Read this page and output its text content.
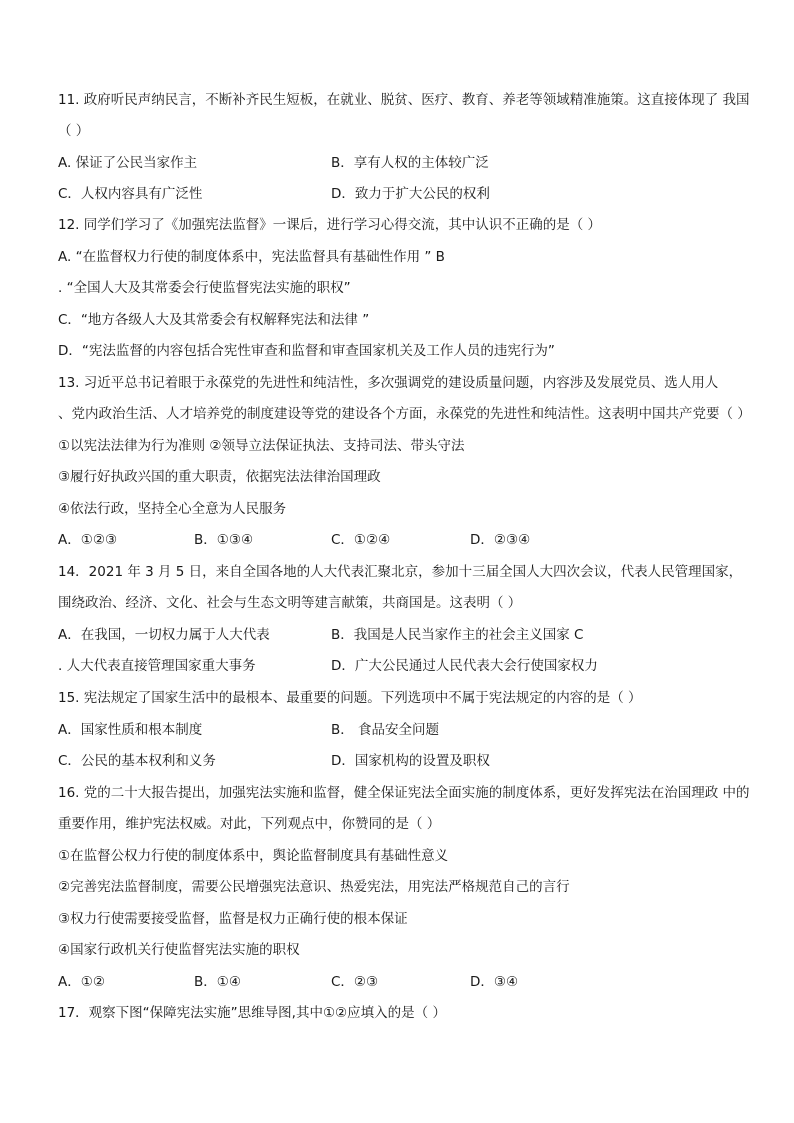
11. 政府听民声纳民言，不断补齐民生短板，在就业、脱贫、医疗、教育、养老等领域精准施策。这直接体现了 我国
（ ）
A. 保证了公民当家作主	B．享有人权的主体较广泛
C．人权内容具有广泛性	D．致力于扩大公民的权利
12. 同学们学习了《加强宪法监督》一课后，进行学习心得交流，其中认识不正确的是（ ）
A. “在监督权力行使的制度体系中，宪法监督具有基础性作用 ” B
. “全国人大及其常委会行使监督宪法实施的职权”
C．“地方各级人大及其常委会有权解释宪法和法律 ”
D．“宪法监督的内容包括合宪性审查和监督和审查国家机关及工作人员的违宪行为”
13. 习近平总书记着眼于永葆党的先进性和纯洁性，多次强调党的建设质量问题，内容涉及发展党员、选人用人
、党内政治生活、人才培养党的制度建设等党的建设各个方面，永葆党的先进性和纯洁性。这表明中国共产党要（ ）
①以宪法法律为行为准则 ②领导立法保证执法、支持司法、带头守法
③履行好执政兴国的重大职责，依据宪法法律治国理政
④依法行政，坚持全心全意为人民服务
A．①②③	B．①③④	C．①②④	D．②③④
14．2021 年 3 月 5 日，来自全国各地的人大代表汇聚北京，参加十三届全国人大四次会议，代表人民管理国家，
围绕政治、经济、文化、社会与生态文明等建言献策，共商国是。这表明（ ）
A．在我国，一切权力属于人大代表	B．我国是人民当家作主的社会主义国家 C
. 人大代表直接管理国家重大事务	D．广大公民通过人民代表大会行使国家权力
15. 宪法规定了国家生活中的最根本、最重要的问题。下列选项中不属于宪法规定的内容的是（ ）
A．国家性质和根本制度	B． 食品安全问题
C．公民的基本权利和义务	D．国家机构的设置及职权
16. 党的二十大报告提出，加强宪法实施和监督，健全保证宪法全面实施的制度体系，更好发挥宪法在治国理政 中的
重要作用，维护宪法权威。对此，下列观点中，你赞同的是（ ）
①在监督公权力行使的制度体系中，舆论监督制度具有基础性意义
②完善宪法监督制度，需要公民增强宪法意识、热爱宪法，用宪法严格规范自己的言行
③权力行使需要接受监督，监督是权力正确行使的根本保证
④国家行政机关行使监督宪法实施的职权
A．①②	B．①④	C．②③	D．③④
17．观察下图“保障宪法实施”思维导图,其中①②应填入的是（ ）
